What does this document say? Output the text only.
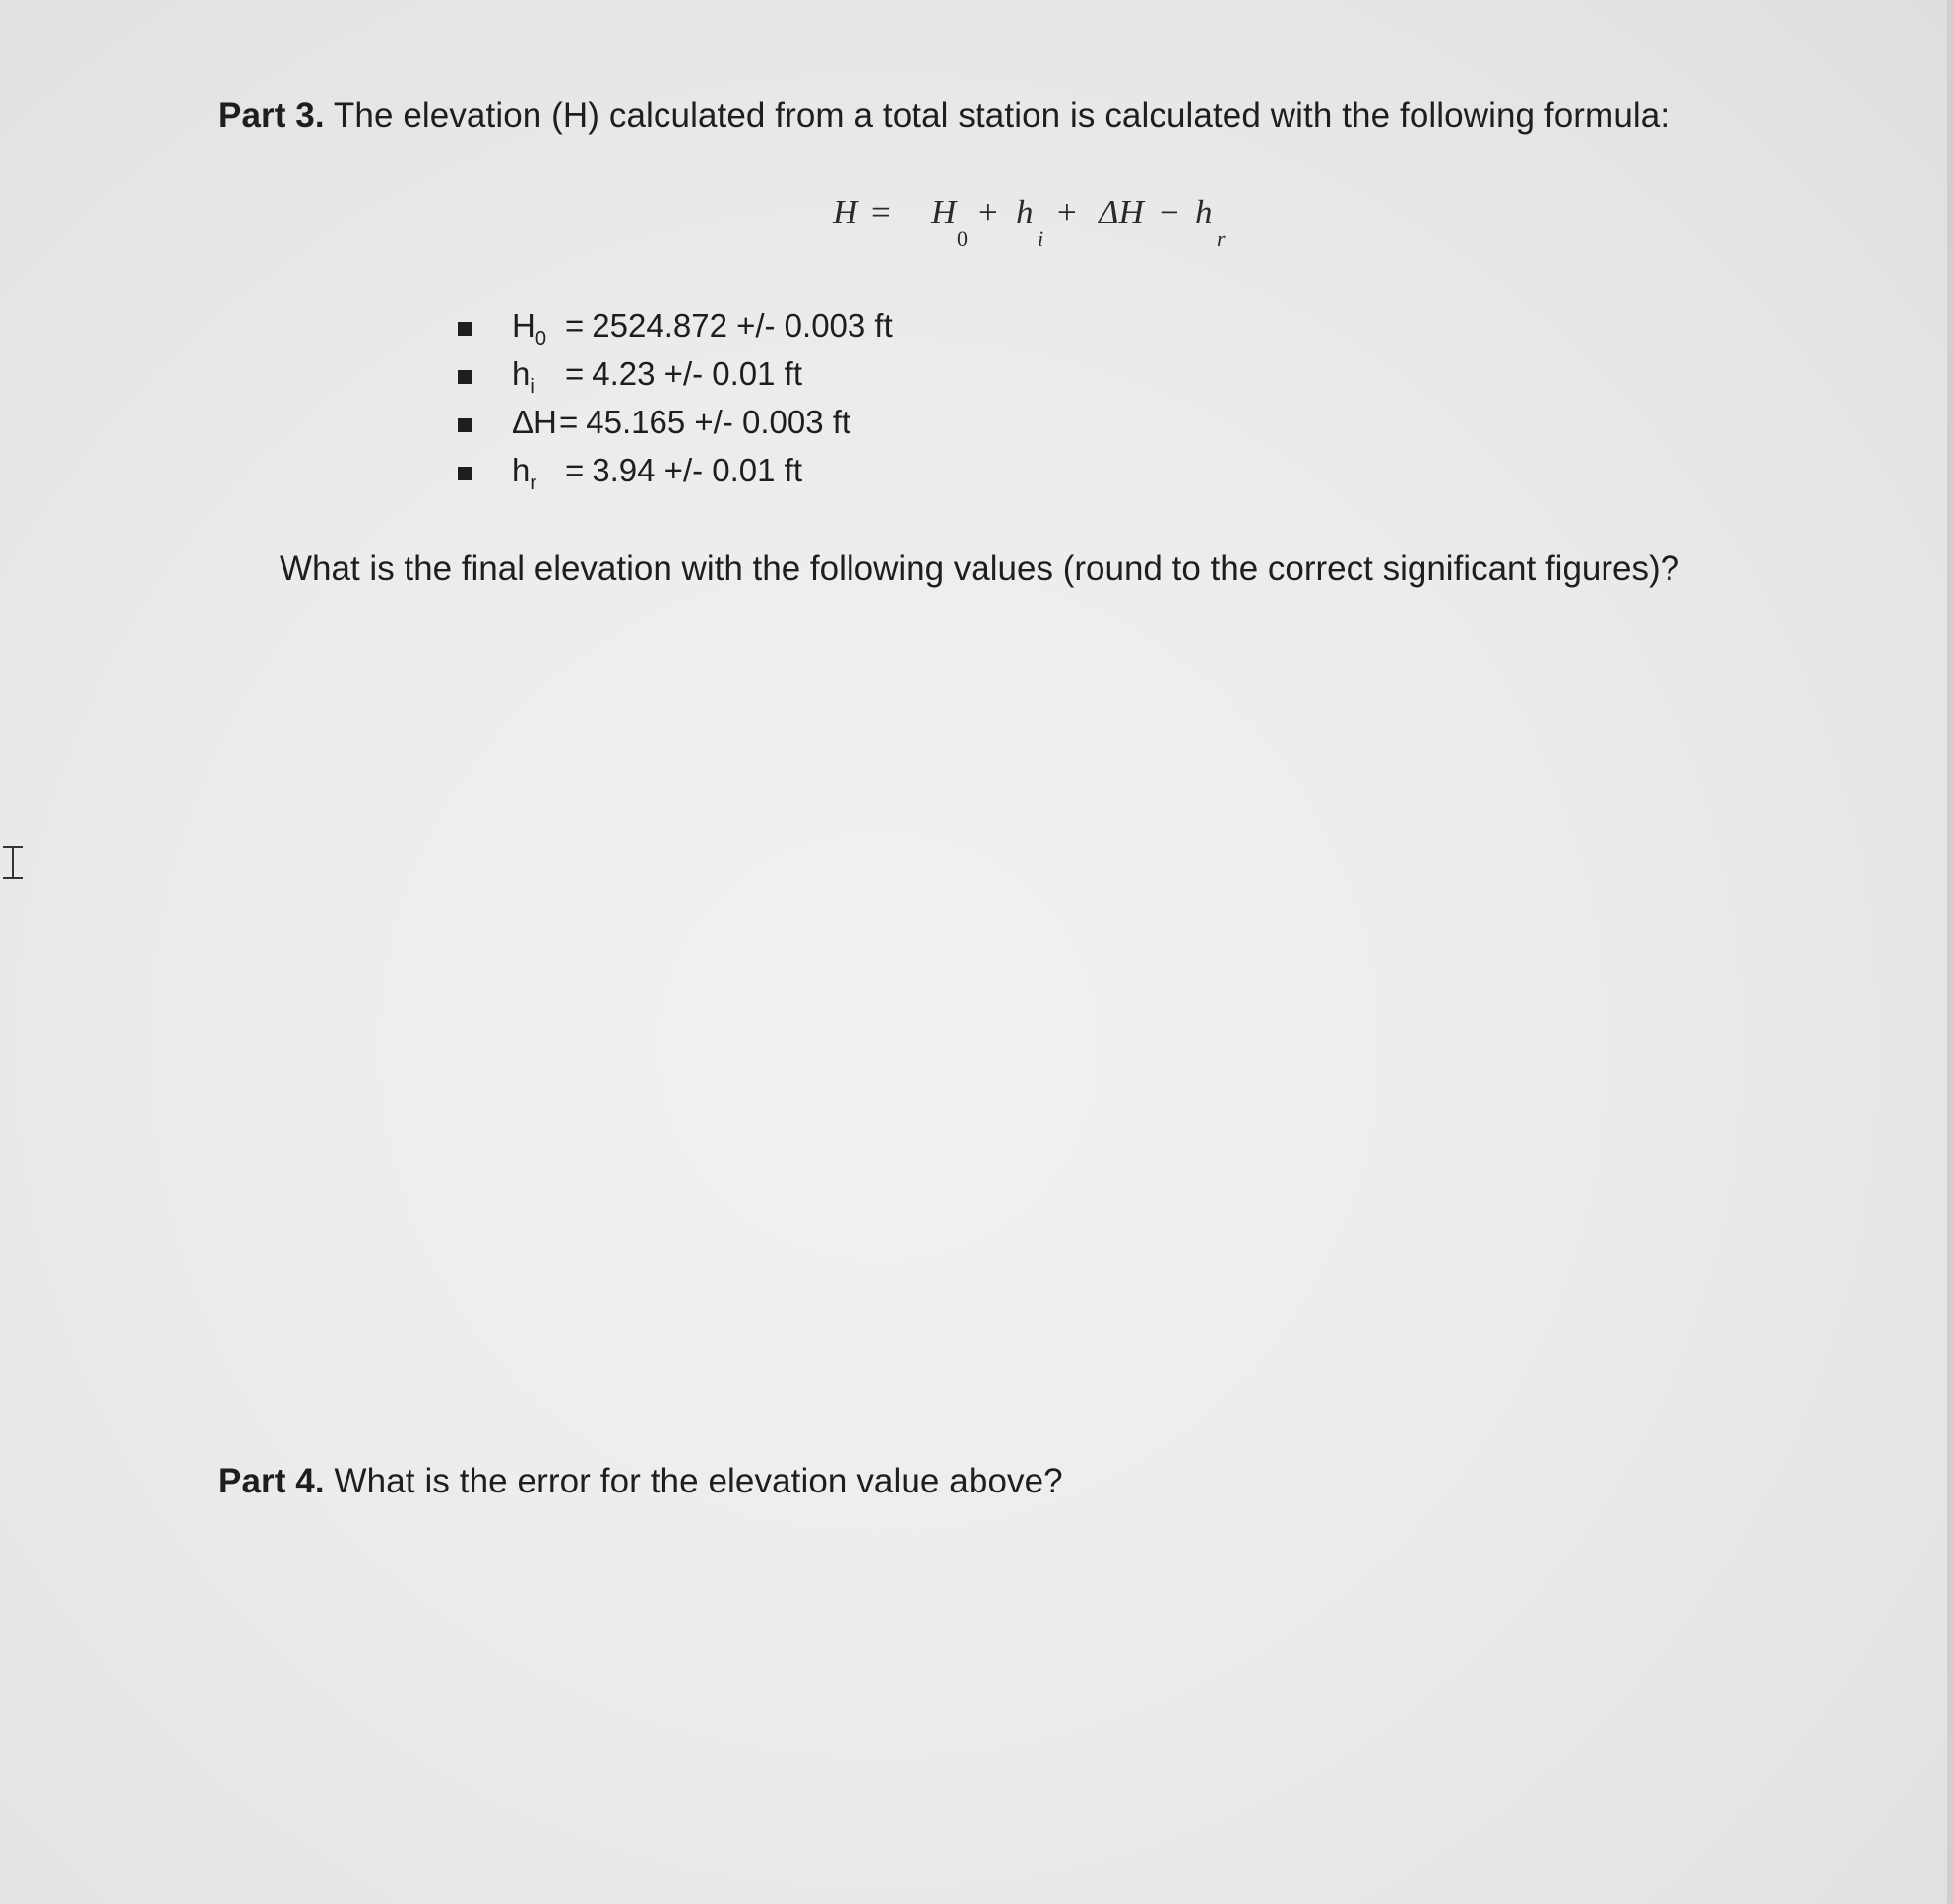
Part 3. The elevation (H) calculated from a total station is calculated with the following formula:
H = H
0
+ h
i
+ ΔH − h
r
$H_0 = 2524.872$ +/- 0.003 ft
$h_i = 4.23$ +/- 0.01 ft
ΔH = 45.165 +/- 0.003 ft
$h_r = 3.94$ +/- 0.01 ft
What is the final elevation with the following values (round to the correct significant figures)?
Part 4. What is the error for the elevation value above?
